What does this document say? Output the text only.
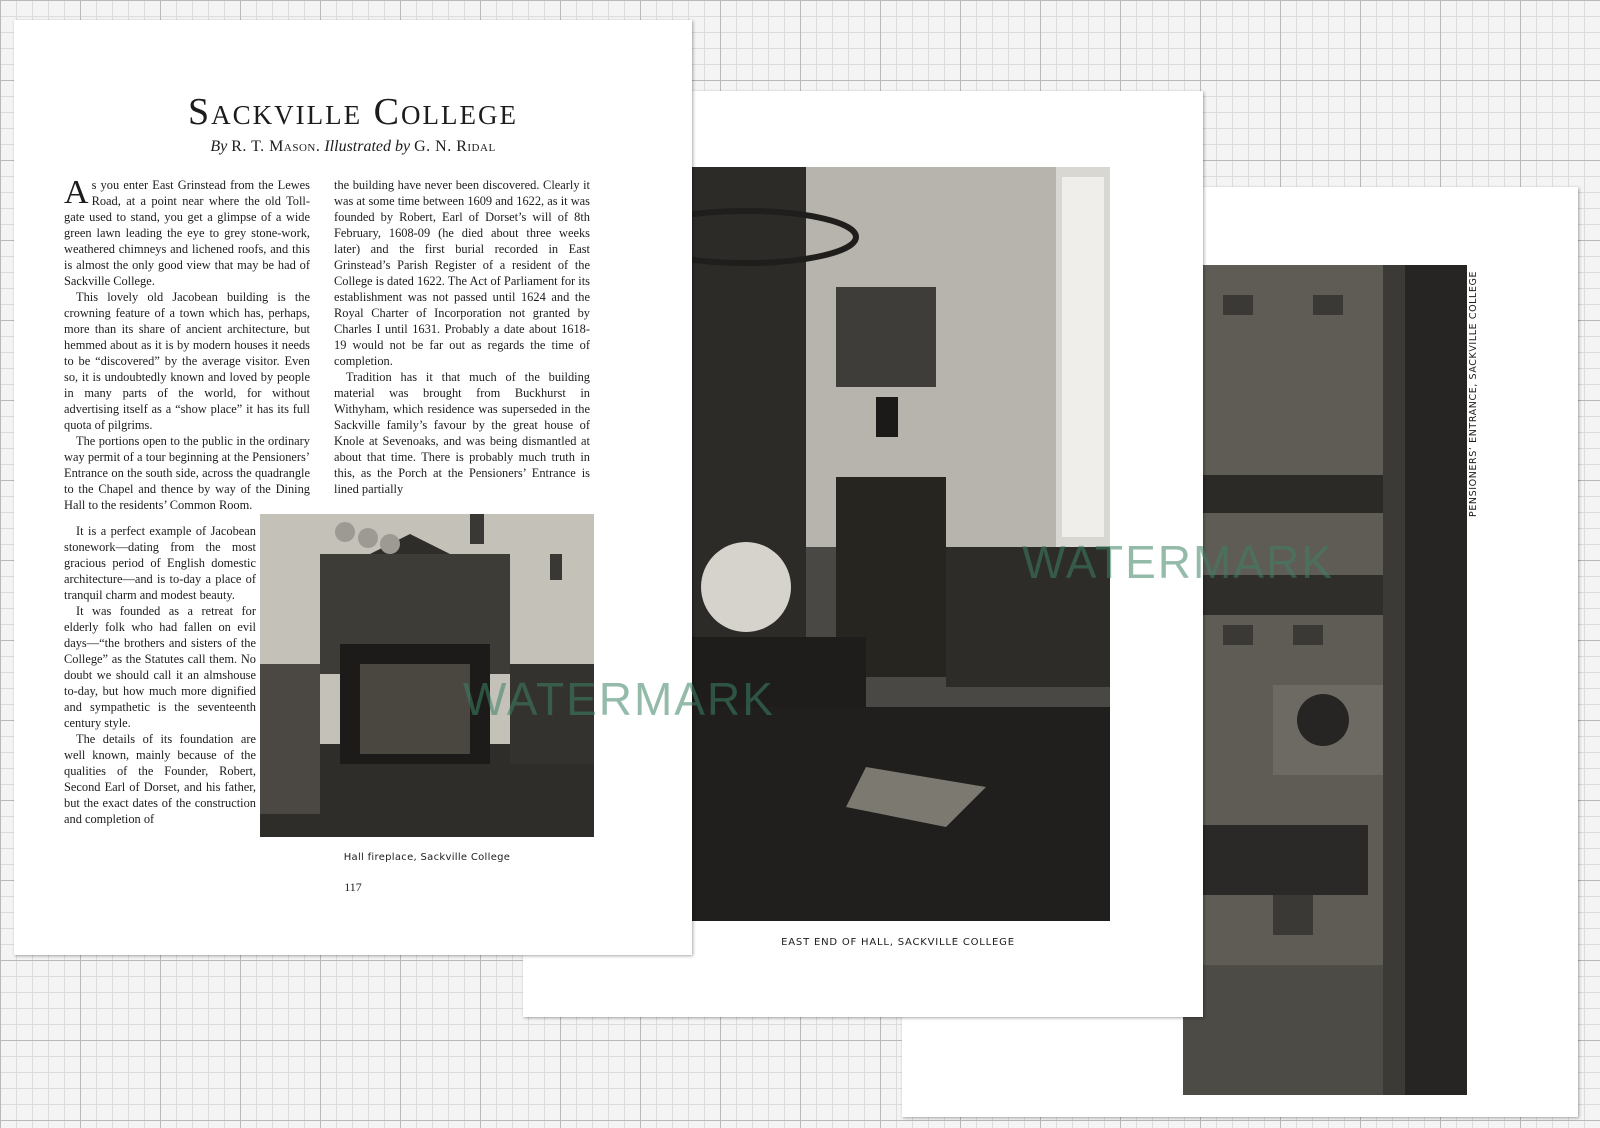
PENSIONERS’ ENTRANCE, SACKVILLE COLLEGE
EAST END OF HALL, SACKVILLE COLLEGE
Sackville College
By R. T. Mason. Illustrated by G. N. Ridal

As you enter East Grinstead from the Lewes Road, at a point near where the old Toll-gate used to stand, you get a glimpse of a wide green lawn leading the eye to grey stone-work, weathered chimneys and lichened roofs, and this is almost the only good view that may be had of Sackville College.

This lovely old Jacobean building is the crowning feature of a town which has, perhaps, more than its share of ancient architecture, but hemmed about as it is by modern houses it needs to be “discovered” by the average visitor. Even so, it is undoubtedly known and loved by people in many parts of the world, for without advertising itself as a “show place” it has its full quota of pilgrims.

The portions open to the public in the ordinary way permit of a tour beginning at the Pensioners’ Entrance on the south side, across the quadrangle to the Chapel and thence by way of the Dining Hall to the residents’ Common Room.

It is a perfect example of Jacobean stonework—dating from the most gracious period of English domestic architecture—and is to-day a place of tranquil charm and modest beauty.

It was founded as a retreat for elderly folk who had fallen on evil days—“the brothers and sisters of the College” as the Statutes call them. No doubt we should call it an almshouse to-day, but how much more dignified and sympathetic is the seventeenth century style.

The details of its foundation are well known, mainly because of the qualities of the Founder, Robert, Second Earl of Dorset, and his father, but the exact dates of the construction and completion of

the building have never been discovered. Clearly it was at some time between 1609 and 1622, as it was founded by Robert, Earl of Dorset’s will of 8th February, 1608-09 (he died about three weeks later) and the first burial recorded in East Grinstead’s Parish Register of a resident of the College is dated 1622. The Act of Parliament for its establishment was not passed until 1624 and the Royal Charter of Incorporation not granted by Charles I until 1631. Probably a date about 1618-19 would not be far out as regards the time of completion.

Tradition has it that much of the building material was brought from Buckhurst in Withyham, which residence was superseded in the Sackville family’s favour by the great house of Knole at Sevenoaks, and was being dismantled at about that time. There is probably much truth in this, as the Porch at the Pensioners’ Entrance is lined partially

Hall fireplace, Sackville College
117
WATERMARK
WATERMARK
